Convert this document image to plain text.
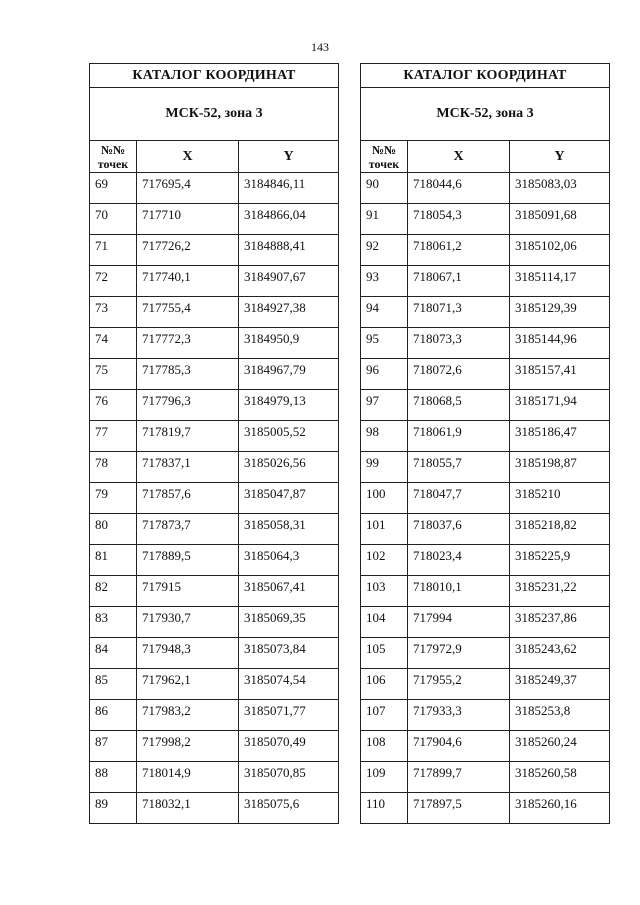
143
КАТАЛОГ КООРДИНАТ		
МСК-52, зона 3		
№№
точек	X	Y
69	717695,4	3184846,11
70	717710	3184866,04
71	717726,2	3184888,41
72	717740,1	3184907,67
73	717755,4	3184927,38
74	717772,3	3184950,9
75	717785,3	3184967,79
76	717796,3	3184979,13
77	717819,7	3185005,52
78	717837,1	3185026,56
79	717857,6	3185047,87
80	717873,7	3185058,31
81	717889,5	3185064,3
82	717915	3185067,41
83	717930,7	3185069,35
84	717948,3	3185073,84
85	717962,1	3185074,54
86	717983,2	3185071,77
87	717998,2	3185070,49
88	718014,9	3185070,85
89	718032,1	3185075,6
КАТАЛОГ КООРДИНАТ		
МСК-52, зона 3		
№№
точек	X	Y
90	718044,6	3185083,03
91	718054,3	3185091,68
92	718061,2	3185102,06
93	718067,1	3185114,17
94	718071,3	3185129,39
95	718073,3	3185144,96
96	718072,6	3185157,41
97	718068,5	3185171,94
98	718061,9	3185186,47
99	718055,7	3185198,87
100	718047,7	3185210
101	718037,6	3185218,82
102	718023,4	3185225,9
103	718010,1	3185231,22
104	717994	3185237,86
105	717972,9	3185243,62
106	717955,2	3185249,37
107	717933,3	3185253,8
108	717904,6	3185260,24
109	717899,7	3185260,58
110	717897,5	3185260,16
